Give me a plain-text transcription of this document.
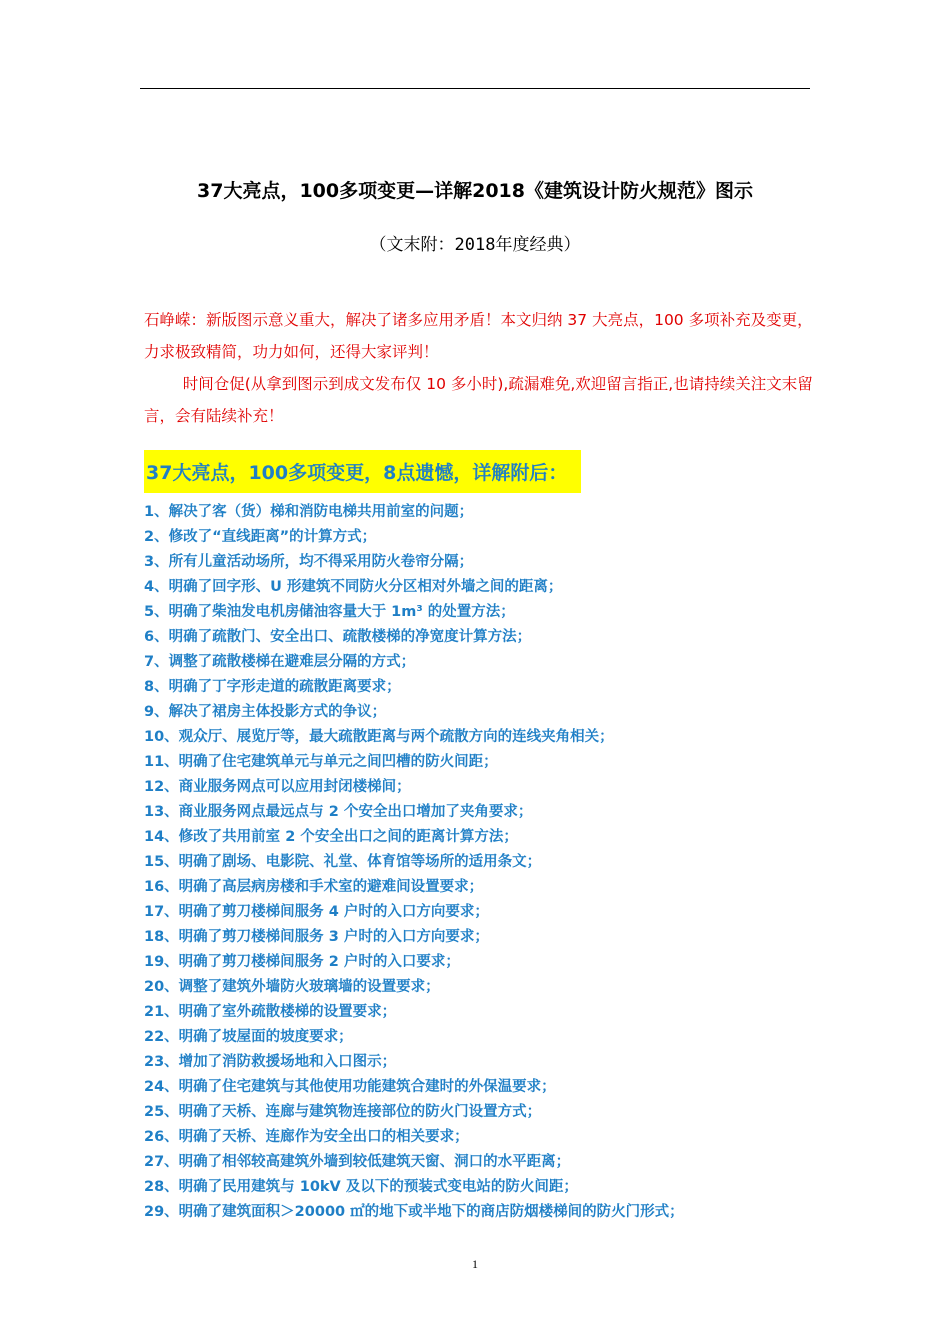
37大亮点，100多项变更—详解2018《建筑设计防火规范》图示
（文末附：2018年度经典）

石峥嵘：新版图示意义重大，解决了诸多应用矛盾！本文归纳 37 大亮点，100 多项补充及变更，力求极致精简，功力如何，还得大家评判！

时间仓促(从拿到图示到成文发布仅 10 多小时),疏漏难免,欢迎留言指正,也请持续关注文末留言，会有陆续补充！

37大亮点，100多项变更，8点遗憾，详解附后：
1、解决了客（货）梯和消防电梯共用前室的问题；
2、修改了“直线距离”的计算方式；
3、所有儿童活动场所，均不得采用防火卷帘分隔；
4、明确了回字形、U 形建筑不同防火分区相对外墙之间的距离；
5、明确了柴油发电机房储油容量大于 1m³ 的处置方法；
6、明确了疏散门、安全出口、疏散楼梯的净宽度计算方法；
7、调整了疏散楼梯在避难层分隔的方式；
8、明确了丁字形走道的疏散距离要求；
9、解决了裙房主体投影方式的争议；
10、观众厅、展览厅等，最大疏散距离与两个疏散方向的连线夹角相关；
11、明确了住宅建筑单元与单元之间凹槽的防火间距；
12、商业服务网点可以应用封闭楼梯间；
13、商业服务网点最远点与 2 个安全出口增加了夹角要求；
14、修改了共用前室 2 个安全出口之间的距离计算方法；
15、明确了剧场、电影院、礼堂、体育馆等场所的适用条文；
16、明确了高层病房楼和手术室的避难间设置要求；
17、明确了剪刀楼梯间服务 4 户时的入口方向要求；
18、明确了剪刀楼梯间服务 3 户时的入口方向要求；
19、明确了剪刀楼梯间服务 2 户时的入口要求；
20、调整了建筑外墙防火玻璃墙的设置要求；
21、明确了室外疏散楼梯的设置要求；
22、明确了坡屋面的坡度要求；
23、增加了消防救援场地和入口图示；
24、明确了住宅建筑与其他使用功能建筑合建时的外保温要求；
25、明确了天桥、连廊与建筑物连接部位的防火门设置方式；
26、明确了天桥、连廊作为安全出口的相关要求；
27、明确了相邻较高建筑外墙到较低建筑天窗、洞口的水平距离；
28、明确了民用建筑与 10kV 及以下的预装式变电站的防火间距；
29、明确了建筑面积＞20000 ㎡的地下或半地下的商店防烟楼梯间的防火门形式；
1
